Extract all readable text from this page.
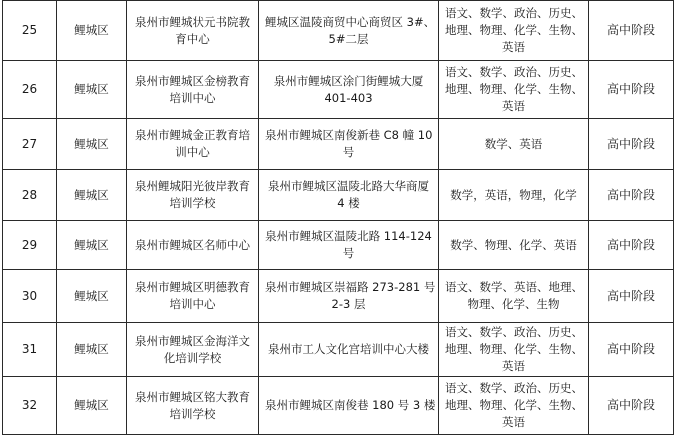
25	鲤城区	泉州市鲤城状元书院教
育中心	鲤城区温陵商贸中心商贸区 3#、
5#二层	语文、数学、政治、历史、
地理、物理、化学、生物、
英语	高中阶段
26	鲤城区	泉州市鲤城区金榜教育
培训中心	泉州市鲤城区涂门街鲤城大厦
401-403	语文、数学、政治、历史、
地理、物理、化学、生物、
英语	高中阶段
27	鲤城区	泉州市鲤城金正教育培
训中心	泉州市鲤城区南俊新巷 C8 幢 10
号	数学、英语	高中阶段
28	鲤城区	泉州鲤城阳光彼岸教育
培训学校	泉州市鲤城区温陵北路大华商厦
4 楼	数学，英语，物理，化学	高中阶段
29	鲤城区	泉州市鲤城区名师中心	泉州市鲤城区温陵北路 114-124
号	数学、物理、化学、英语	高中阶段
30	鲤城区	泉州市鲤城区明德教育
培训中心	泉州市鲤城区崇福路 273-281 号
2-3 层	语文、数学、英语、地理、
物理、化学、生物	高中阶段
31	鲤城区	泉州市鲤城区金海洋文
化培训学校	泉州市工人文化宫培训中心大楼	语文、数学、政治、历史、
地理、物理、化学、生物、
英语	高中阶段
32	鲤城区	泉州市鲤城区铭大教育
培训学校	泉州市鲤城区南俊巷 180 号 3 楼	语文、数学、政治、历史、
地理、物理、化学、生物、
英语	高中阶段
